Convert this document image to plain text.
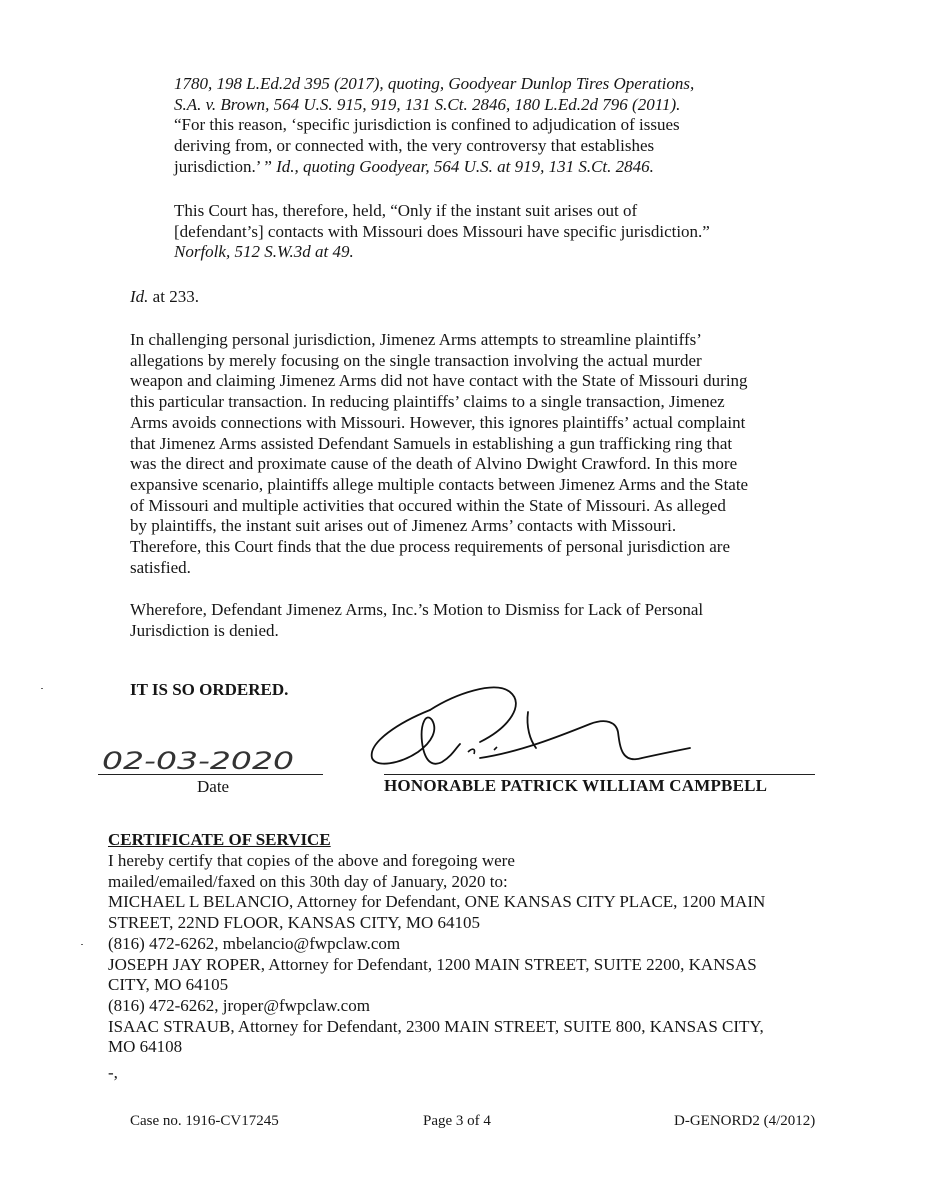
1780, 198 L.Ed.2d 395 (2017), quoting, Goodyear Dunlop Tires Operations,
S.A. v. Brown, 564 U.S. 915, 919, 131 S.Ct. 2846, 180 L.Ed.2d 796 (2011).
“For this reason, ‘specific jurisdiction is confined to adjudication of issues
deriving from, or connected with, the very controversy that establishes
jurisdiction.’ ” Id., quoting Goodyear, 564 U.S. at 919, 131 S.Ct. 2846.
This Court has, therefore, held, “Only if the instant suit arises out of
[defendant’s] contacts with Missouri does Missouri have specific jurisdiction.”
Norfolk, 512 S.W.3d at 49.
Id. at 233.
In challenging personal jurisdiction, Jimenez Arms attempts to streamline plaintiffs’
allegations by merely focusing on the single transaction involving the actual murder
weapon and claiming Jimenez Arms did not have contact with the State of Missouri during
this particular transaction. In reducing plaintiffs’ claims to a single transaction, Jimenez
Arms avoids connections with Missouri. However, this ignores plaintiffs’ actual complaint
that Jimenez Arms assisted Defendant Samuels in establishing a gun trafficking ring that
was the direct and proximate cause of the death of Alvino Dwight Crawford. In this more
expansive scenario, plaintiffs allege multiple contacts between Jimenez Arms and the State
of Missouri and multiple activities that occured within the State of Missouri. As alleged
by plaintiffs, the instant suit arises out of Jimenez Arms’ contacts with Missouri.
Therefore, this Court finds that the due process requirements of personal jurisdiction are
satisfied.
Wherefore, Defendant Jimenez Arms, Inc.’s Motion to Dismiss for Lack of Personal
Jurisdiction is denied.
IT IS SO ORDERED.
02-03-2020
Date	HONORABLE PATRICK WILLIAM CAMPBELL
CERTIFICATE OF SERVICE
I hereby certify that copies of the above and foregoing were
mailed/emailed/faxed on this 30th day of January, 2020 to:
MICHAEL L BELANCIO, Attorney for Defendant, ONE KANSAS CITY PLACE, 1200 MAIN
STREET, 22ND FLOOR, KANSAS CITY, MO 64105
(816) 472-6262, mbelancio@fwpclaw.com
JOSEPH JAY ROPER, Attorney for Defendant, 1200 MAIN STREET, SUITE 2200, KANSAS
CITY, MO 64105
(816) 472-6262, jroper@fwpclaw.com
ISAAC STRAUB, Attorney for Defendant, 2300 MAIN STREET, SUITE 800, KANSAS CITY,
MO 64108
-,
Case no. 1916-CV17245	Page 3 of 4	D-GENORD2 (4/2012)
